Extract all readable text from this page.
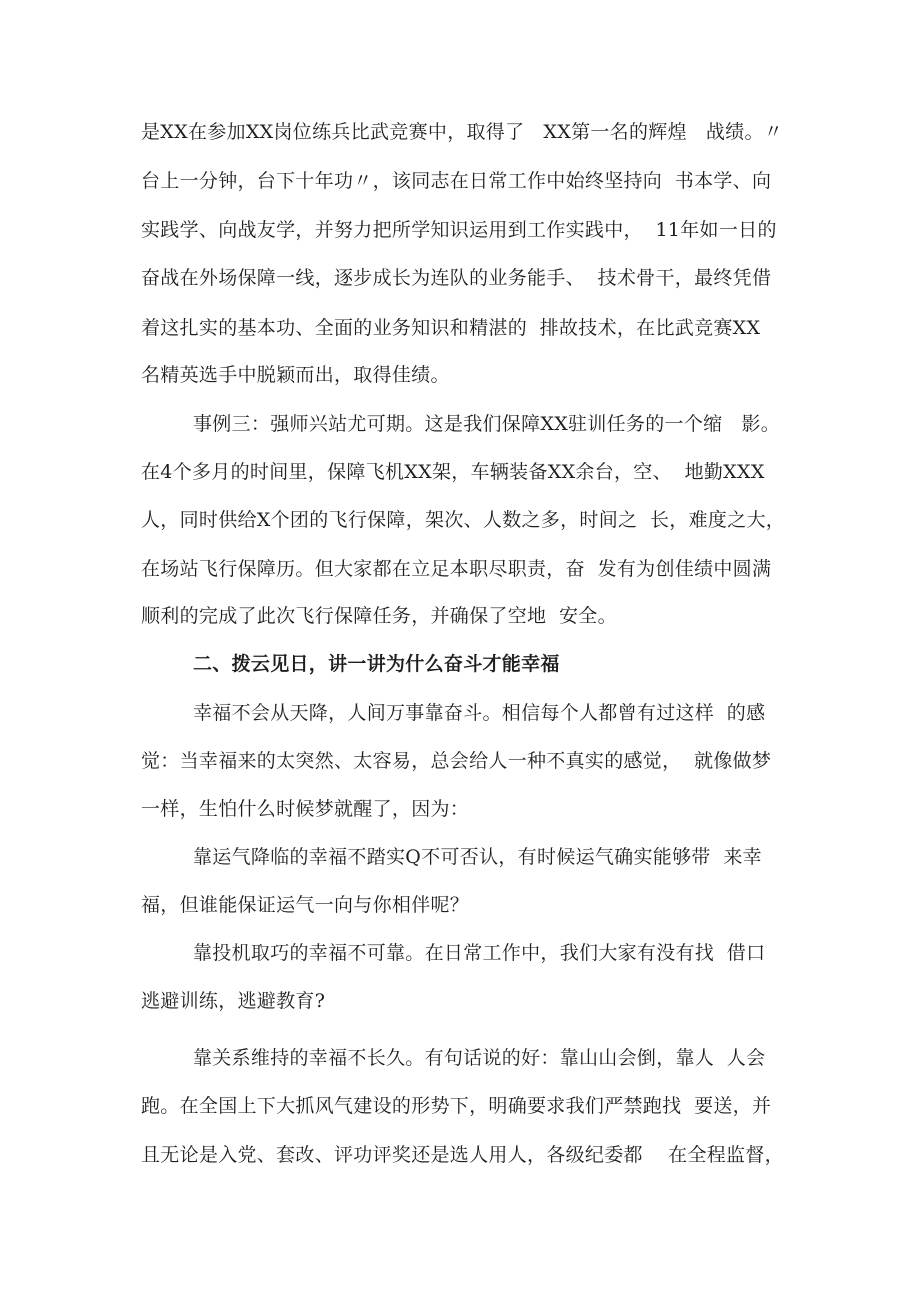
是XX在参加XX岗位练兵比武竞赛中，取得了   XX第一名的辉煌   战绩。〃
台上一分钟，台下十年功〃，该同志在日常工作中始终坚持向  书本学、向
实践学、向战友学，并努力把所学知识运用到工作实践中，  11年如一日的
奋战在外场保障一线，逐步成长为连队的业务能手、  技术骨干，最终凭借
着这扎实的基本功、全面的业务知识和精湛的  排故技术，在比武竞赛XX
名精英选手中脱颖而出，取得佳绩。
事例三：强师兴站尤可期。这是我们保障XX驻训任务的一个缩   影。
在4个多月的时间里，保障飞机XX架，车辆装备XX余台，空、  地勤XXX
人，同时供给X个团的飞行保障，架次、人数之多，时间之  长，难度之大，
在场站飞行保障历。但大家都在立足本职尽职责，奋  发有为创佳绩中圆满
顺利的完成了此次飞行保障任务，并确保了空地  安全。
二、拨云见日，讲一讲为什么奋斗才能幸福
幸福不会从天降，人间万事靠奋斗。相信每个人都曾有过这样  的感
觉：当幸福来的太突然、太容易，总会给人一种不真实的感觉，  就像做梦
一样，生怕什么时候梦就醒了，因为：
靠运气降临的幸福不踏实Q不可否认，有时候运气确实能够带  来幸
福，但谁能保证运气一向与你相伴呢？
靠投机取巧的幸福不可靠。在日常工作中，我们大家有没有找  借口
逃避训练，逃避教育?
靠关系维持的幸福不长久。有句话说的好：靠山山会倒，靠人  人会
跑。在全国上下大抓风气建设的形势下，明确要求我们严禁跑找  要送，并
且无论是入党、套改、评功评奖还是选人用人，各级纪委都    在全程监督，
